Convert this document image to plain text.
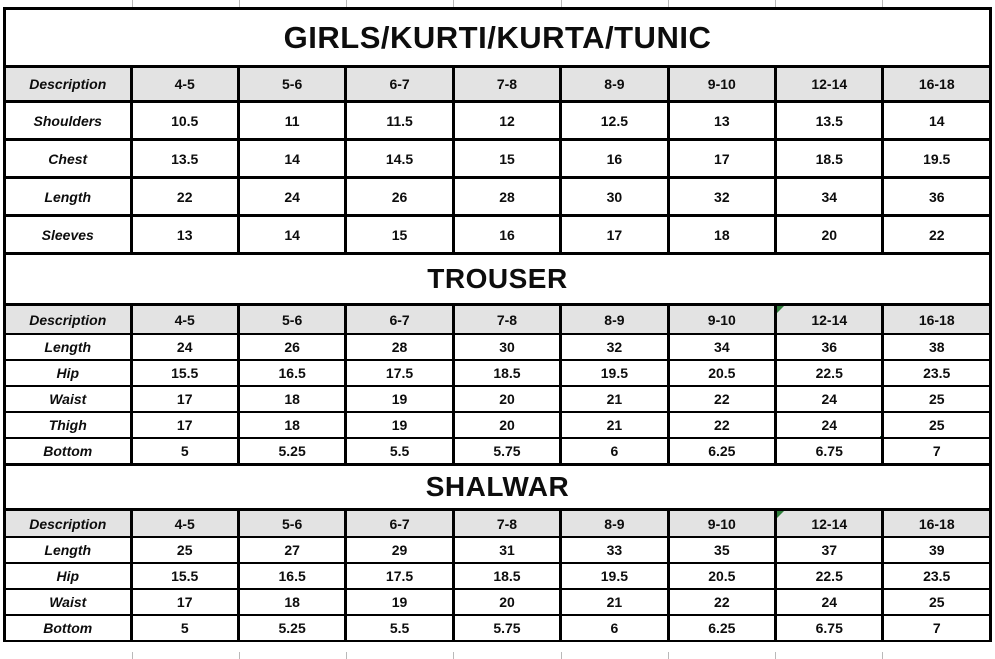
GIRLS/KURTI/KURTA/TUNIC								
Description	4-5	5-6	6-7	7-8	8-9	9-10	12-14	16-18
Shoulders	10.5	11	11.5	12	12.5	13	13.5	14
Chest	13.5	14	14.5	15	16	17	18.5	19.5
Length	22	24	26	28	30	32	34	36
Sleeves	13	14	15	16	17	18	20	22
TROUSER								
Description	4-5	5-6	6-7	7-8	8-9	9-10	12-14	16-18
Length	24	26	28	30	32	34	36	38
Hip	15.5	16.5	17.5	18.5	19.5	20.5	22.5	23.5
Waist	17	18	19	20	21	22	24	25
Thigh	17	18	19	20	21	22	24	25
Bottom	5	5.25	5.5	5.75	6	6.25	6.75	7
SHALWAR								
Description	4-5	5-6	6-7	7-8	8-9	9-10	12-14	16-18
Length	25	27	29	31	33	35	37	39
Hip	15.5	16.5	17.5	18.5	19.5	20.5	22.5	23.5
Waist	17	18	19	20	21	22	24	25
Bottom	5	5.25	5.5	5.75	6	6.25	6.75	7
